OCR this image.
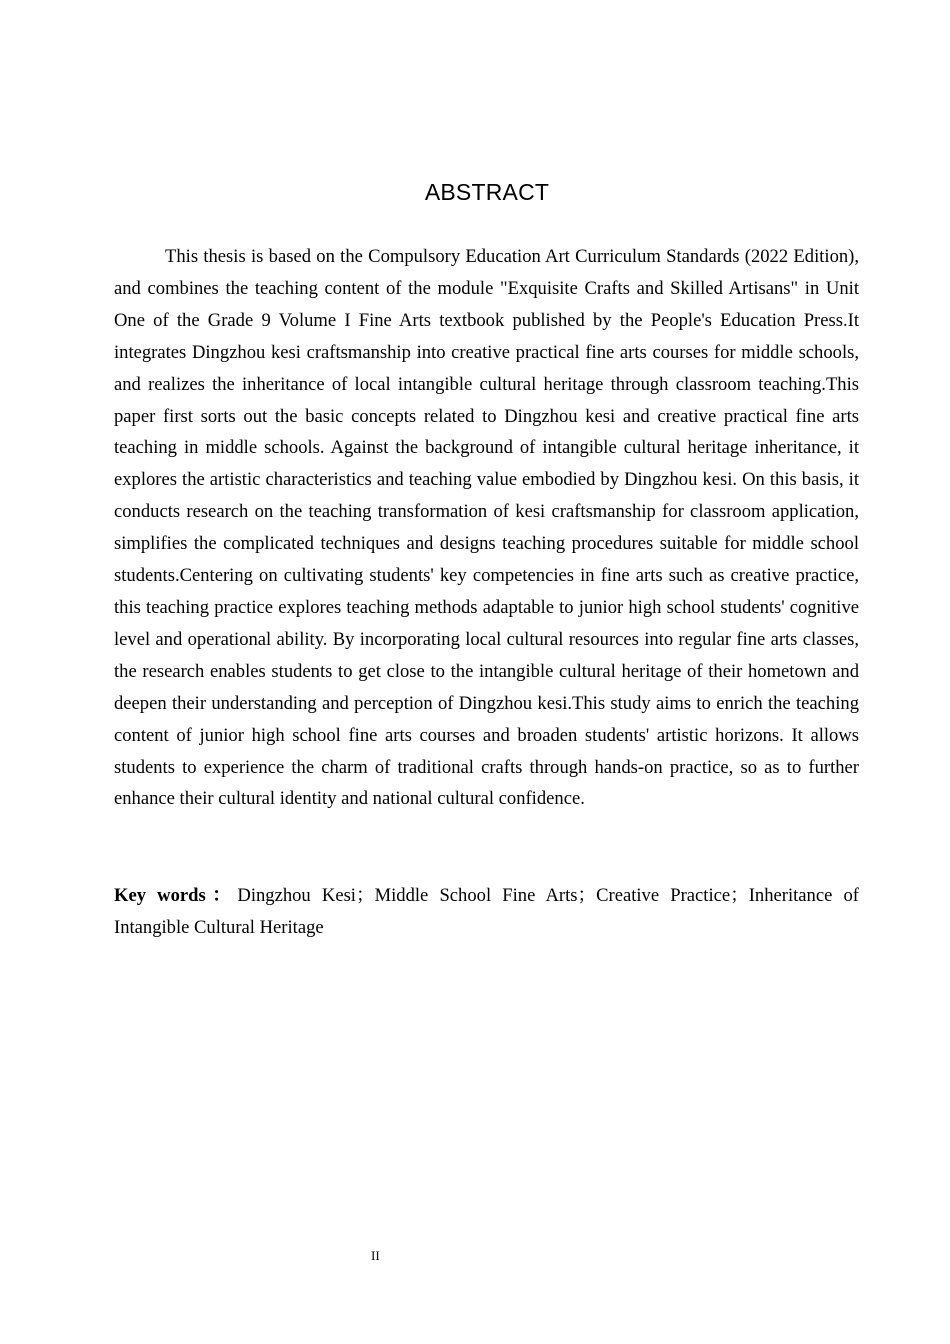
ABSTRACT

This thesis is based on the Compulsory Education Art Curriculum Standards (2022 Edition), and combines the teaching content of the module "Exquisite Crafts and Skilled Artisans" in Unit One of the Grade 9 Volume I Fine Arts textbook published by the People's Education Press.It integrates Dingzhou kesi craftsmanship into creative practical fine arts courses for middle schools, and realizes the inheritance of local intangible cultural heritage through classroom teaching.This paper first sorts out the basic concepts related to Dingzhou kesi and creative practical fine arts teaching in middle schools. Against the background of intangible cultural heritage inheritance, it explores the artistic characteristics and teaching value embodied by Dingzhou kesi. On this basis, it conducts research on the teaching transformation of kesi craftsmanship for classroom application, simplifies the complicated techniques and designs teaching procedures suitable for middle school students.Centering on cultivating students' key competencies in fine arts such as creative practice, this teaching practice explores teaching methods adaptable to junior high school students' cognitive level and operational ability. By incorporating local cultural resources into regular fine arts classes, the research enables students to get close to the intangible cultural heritage of their hometown and deepen their understanding and perception of Dingzhou kesi.This study aims to enrich the teaching content of junior high school fine arts courses and broaden students' artistic horizons. It allows students to experience the charm of traditional crafts through hands-on practice, so as to further enhance their cultural identity and national cultural confidence.

Key words：Dingzhou Kesi；Middle School Fine Arts；Creative Practice；Inheritance of Intangible Cultural Heritage

II
